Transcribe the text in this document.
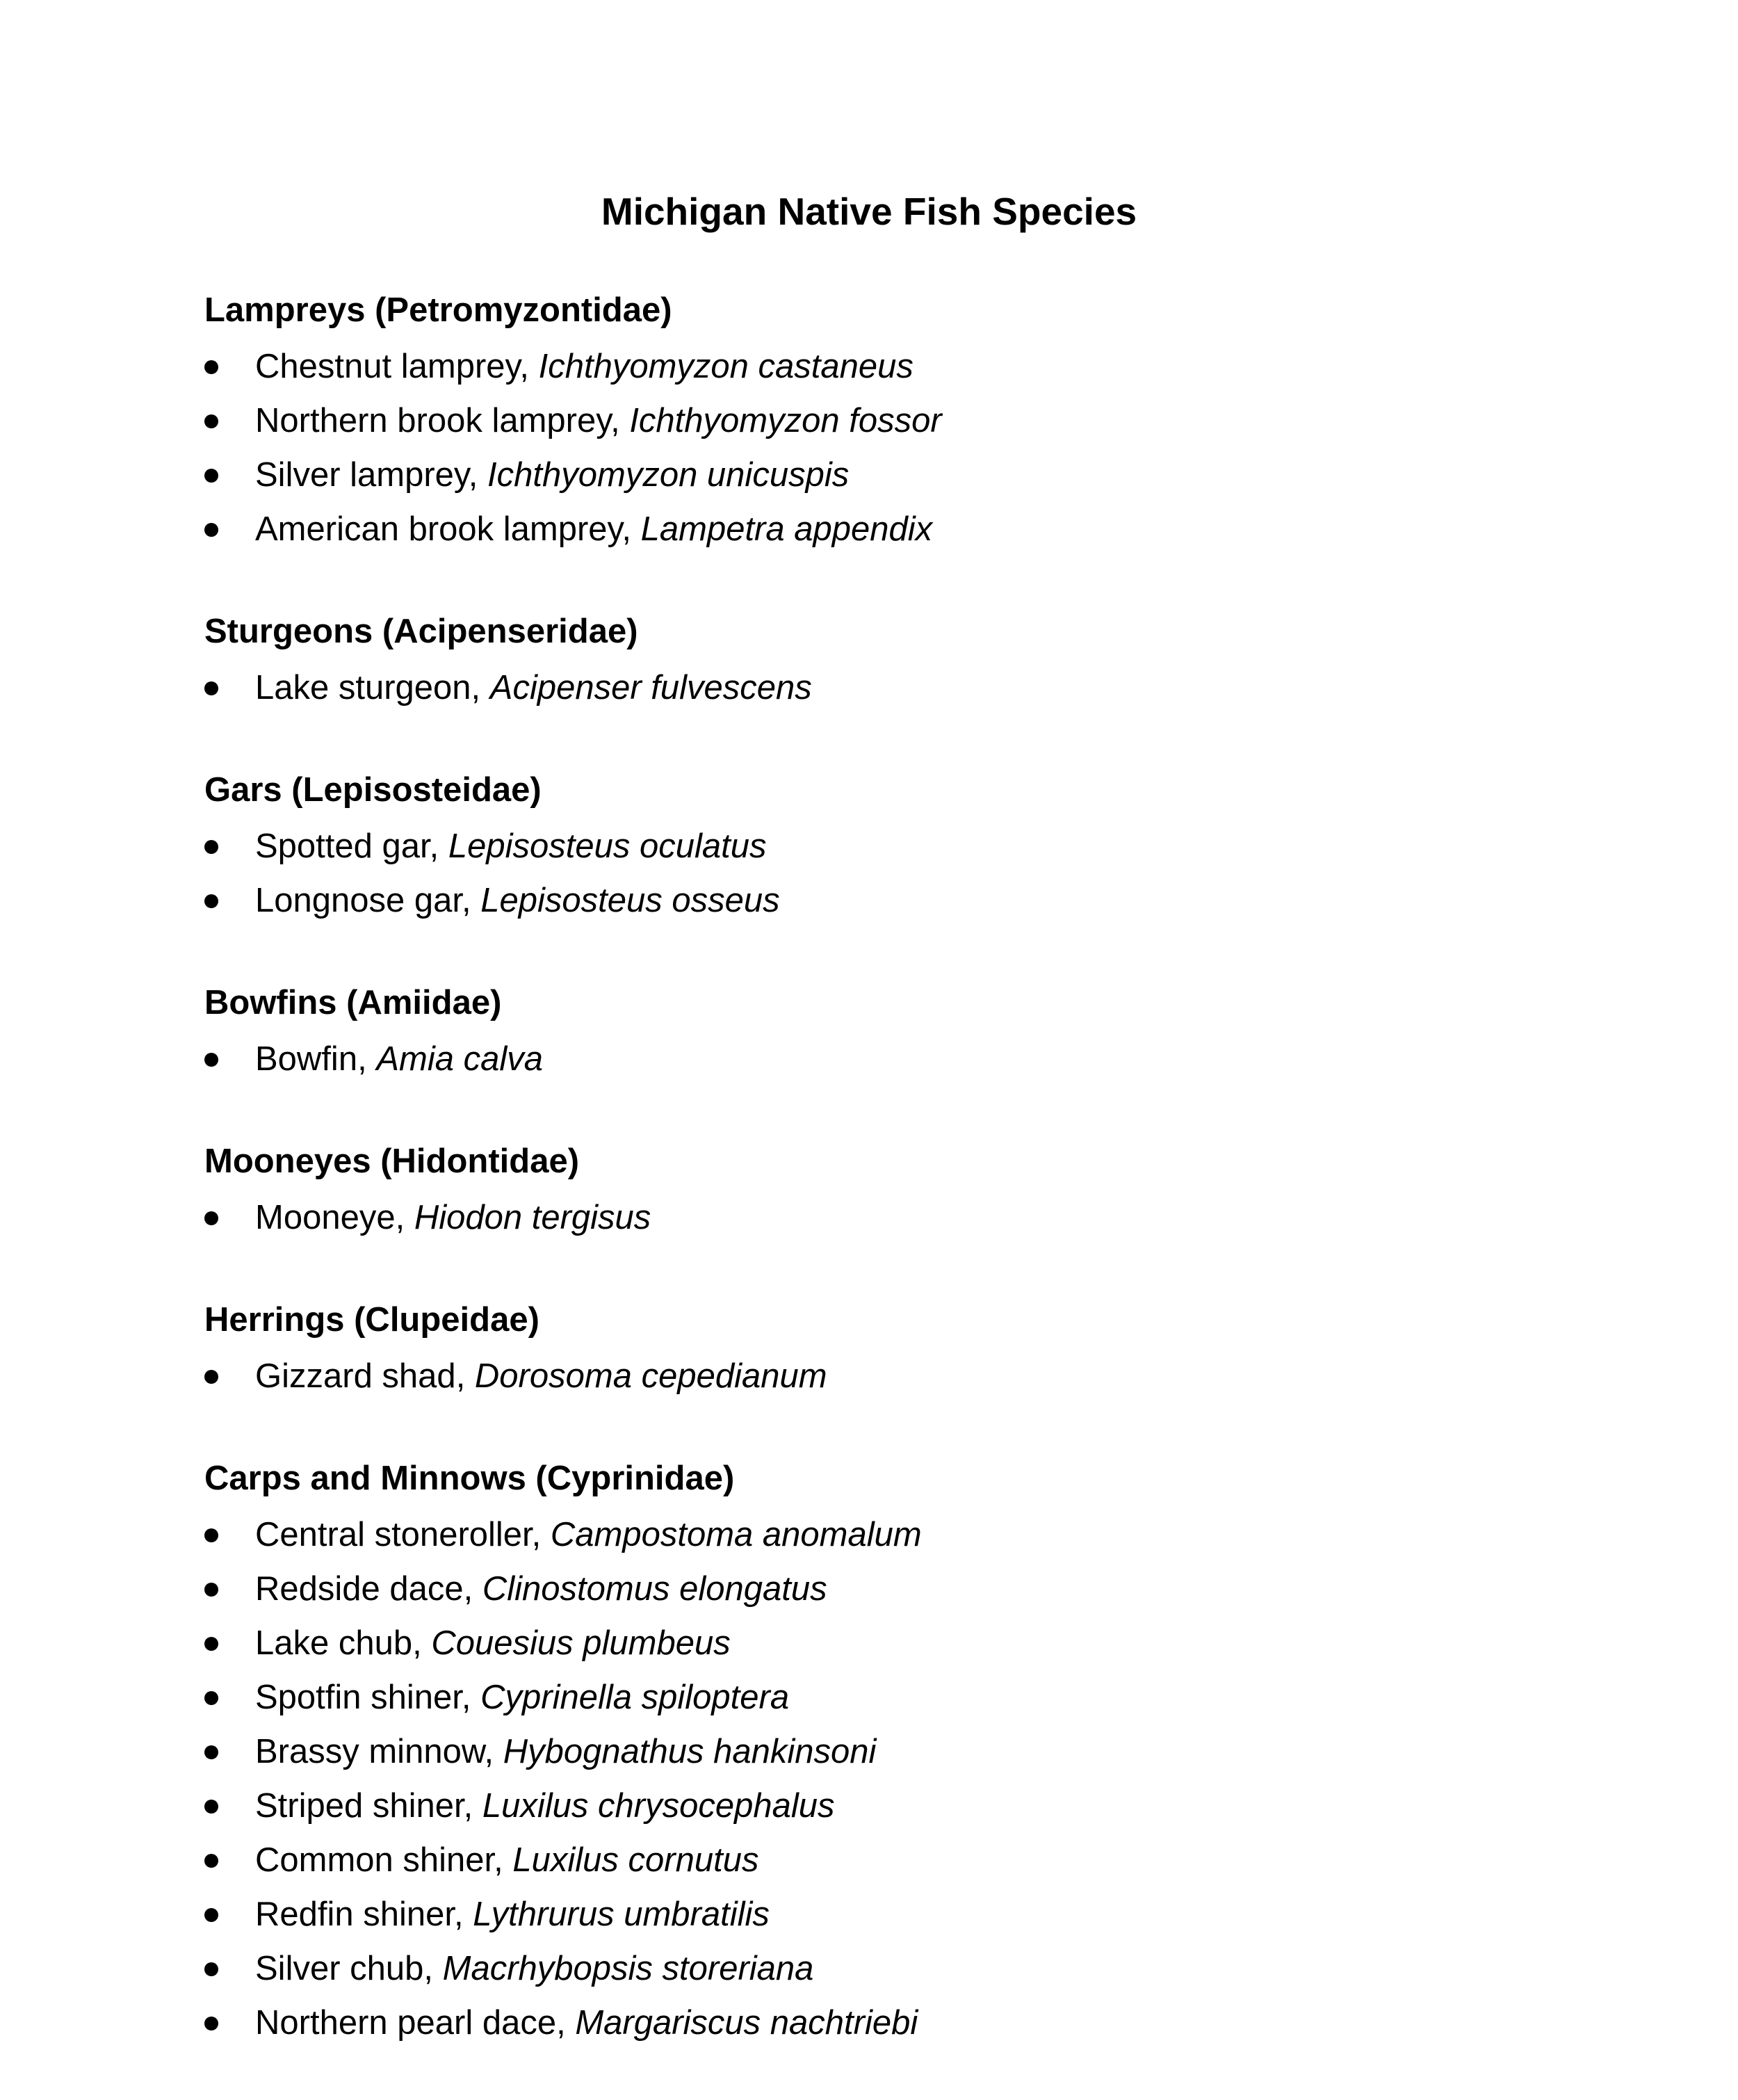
Michigan Native Fish Species
Lampreys (Petromyzontidae)
Chestnut lamprey, Ichthyomyzon castaneus
Northern brook lamprey, Ichthyomyzon fossor
Silver lamprey, Ichthyomyzon unicuspis
American brook lamprey, Lampetra appendix
Sturgeons (Acipenseridae)
Lake sturgeon, Acipenser fulvescens
Gars (Lepisosteidae)
Spotted gar, Lepisosteus oculatus
Longnose gar, Lepisosteus osseus
Bowfins (Amiidae)
Bowfin, Amia calva
Mooneyes (Hidontidae)
Mooneye, Hiodon tergisus
Herrings (Clupeidae)
Gizzard shad, Dorosoma cepedianum
Carps and Minnows (Cyprinidae)
Central stoneroller, Campostoma anomalum
Redside dace, Clinostomus elongatus
Lake chub, Couesius plumbeus
Spotfin shiner, Cyprinella spiloptera
Brassy minnow, Hybognathus hankinsoni
Striped shiner, Luxilus chrysocephalus
Common shiner, Luxilus cornutus
Redfin shiner, Lythrurus umbratilis
Silver chub, Macrhybopsis storeriana
Northern pearl dace, Margariscus nachtriebi
